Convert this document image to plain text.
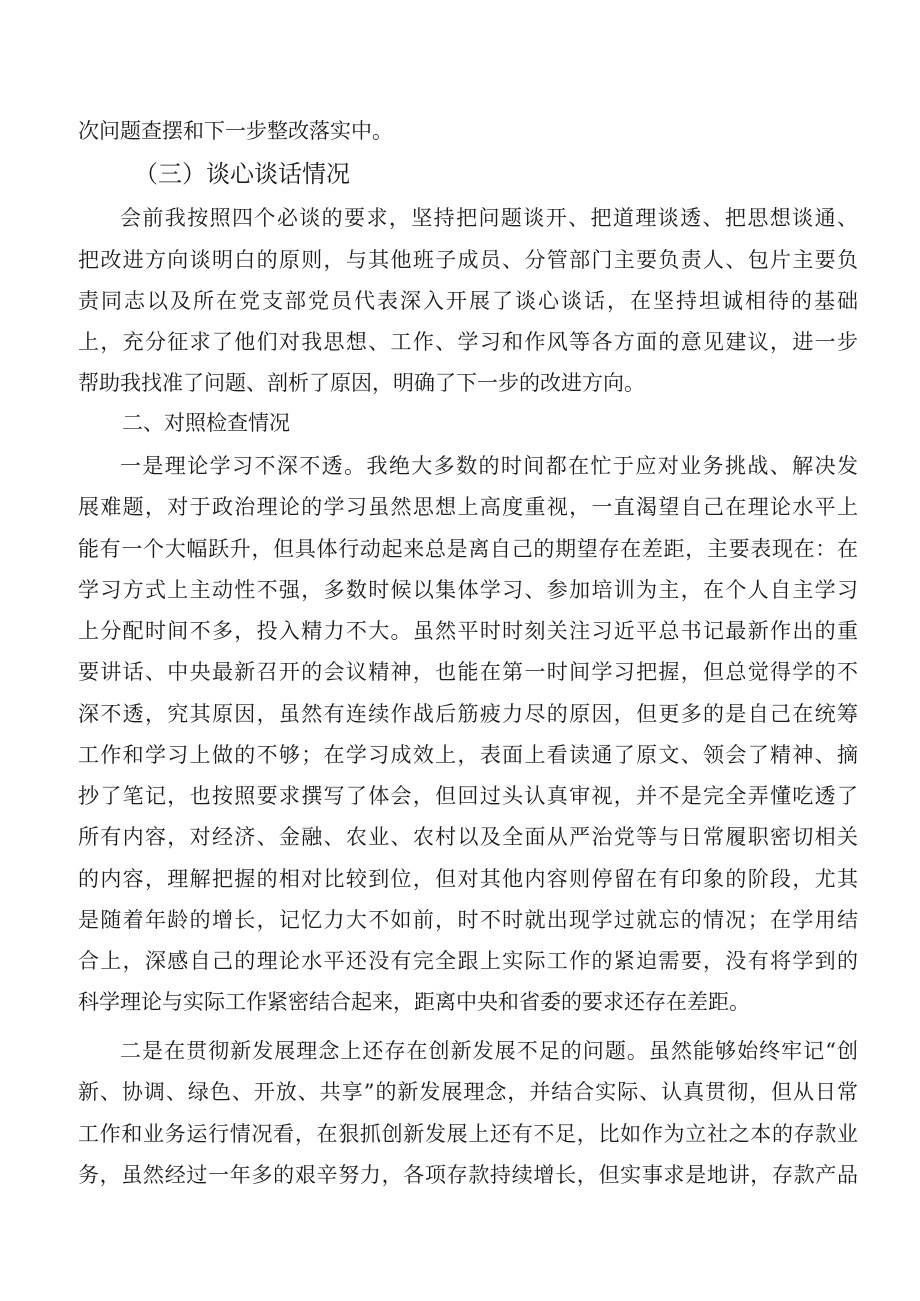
次问题查摆和下一步整改落实中。
（三）谈心谈话情况
会前我按照四个必谈的要求，坚持把问题谈开、把道理谈透、把思想谈通、
把改进方向谈明白的原则，与其他班子成员、分管部门主要负责人、包片主要负
责同志以及所在党支部党员代表深入开展了谈心谈话，在坚持坦诚相待的基础
上，充分征求了他们对我思想、工作、学习和作风等各方面的意见建议，进一步
帮助我找准了问题、剖析了原因，明确了下一步的改进方向。
二、对照检查情况
一是理论学习不深不透。我绝大多数的时间都在忙于应对业务挑战、解决发
展难题，对于政治理论的学习虽然思想上高度重视，一直渴望自己在理论水平上
能有一个大幅跃升，但具体行动起来总是离自己的期望存在差距，主要表现在：在
学习方式上主动性不强，多数时候以集体学习、参加培训为主，在个人自主学习
上分配时间不多，投入精力不大。虽然平时时刻关注习近平总书记最新作出的重
要讲话、中央最新召开的会议精神，也能在第一时间学习把握，但总觉得学的不
深不透，究其原因，虽然有连续作战后筋疲力尽的原因，但更多的是自己在统筹
工作和学习上做的不够；在学习成效上，表面上看读通了原文、领会了精神、摘
抄了笔记，也按照要求撰写了体会，但回过头认真审视，并不是完全弄懂吃透了
所有内容，对经济、金融、农业、农村以及全面从严治党等与日常履职密切相关
的内容，理解把握的相对比较到位，但对其他内容则停留在有印象的阶段，尤其
是随着年龄的增长，记忆力大不如前，时不时就出现学过就忘的情况；在学用结
合上，深感自己的理论水平还没有完全跟上实际工作的紧迫需要，没有将学到的
科学理论与实际工作紧密结合起来，距离中央和省委的要求还存在差距。
二是在贯彻新发展理念上还存在创新发展不足的问题。虽然能够始终牢记“创
新、协调、绿色、开放、共享”的新发展理念，并结合实际、认真贯彻，但从日常
工作和业务运行情况看，在狠抓创新发展上还有不足，比如作为立社之本的存款业
务，虽然经过一年多的艰辛努力，各项存款持续增长，但实事求是地讲，存款产品
